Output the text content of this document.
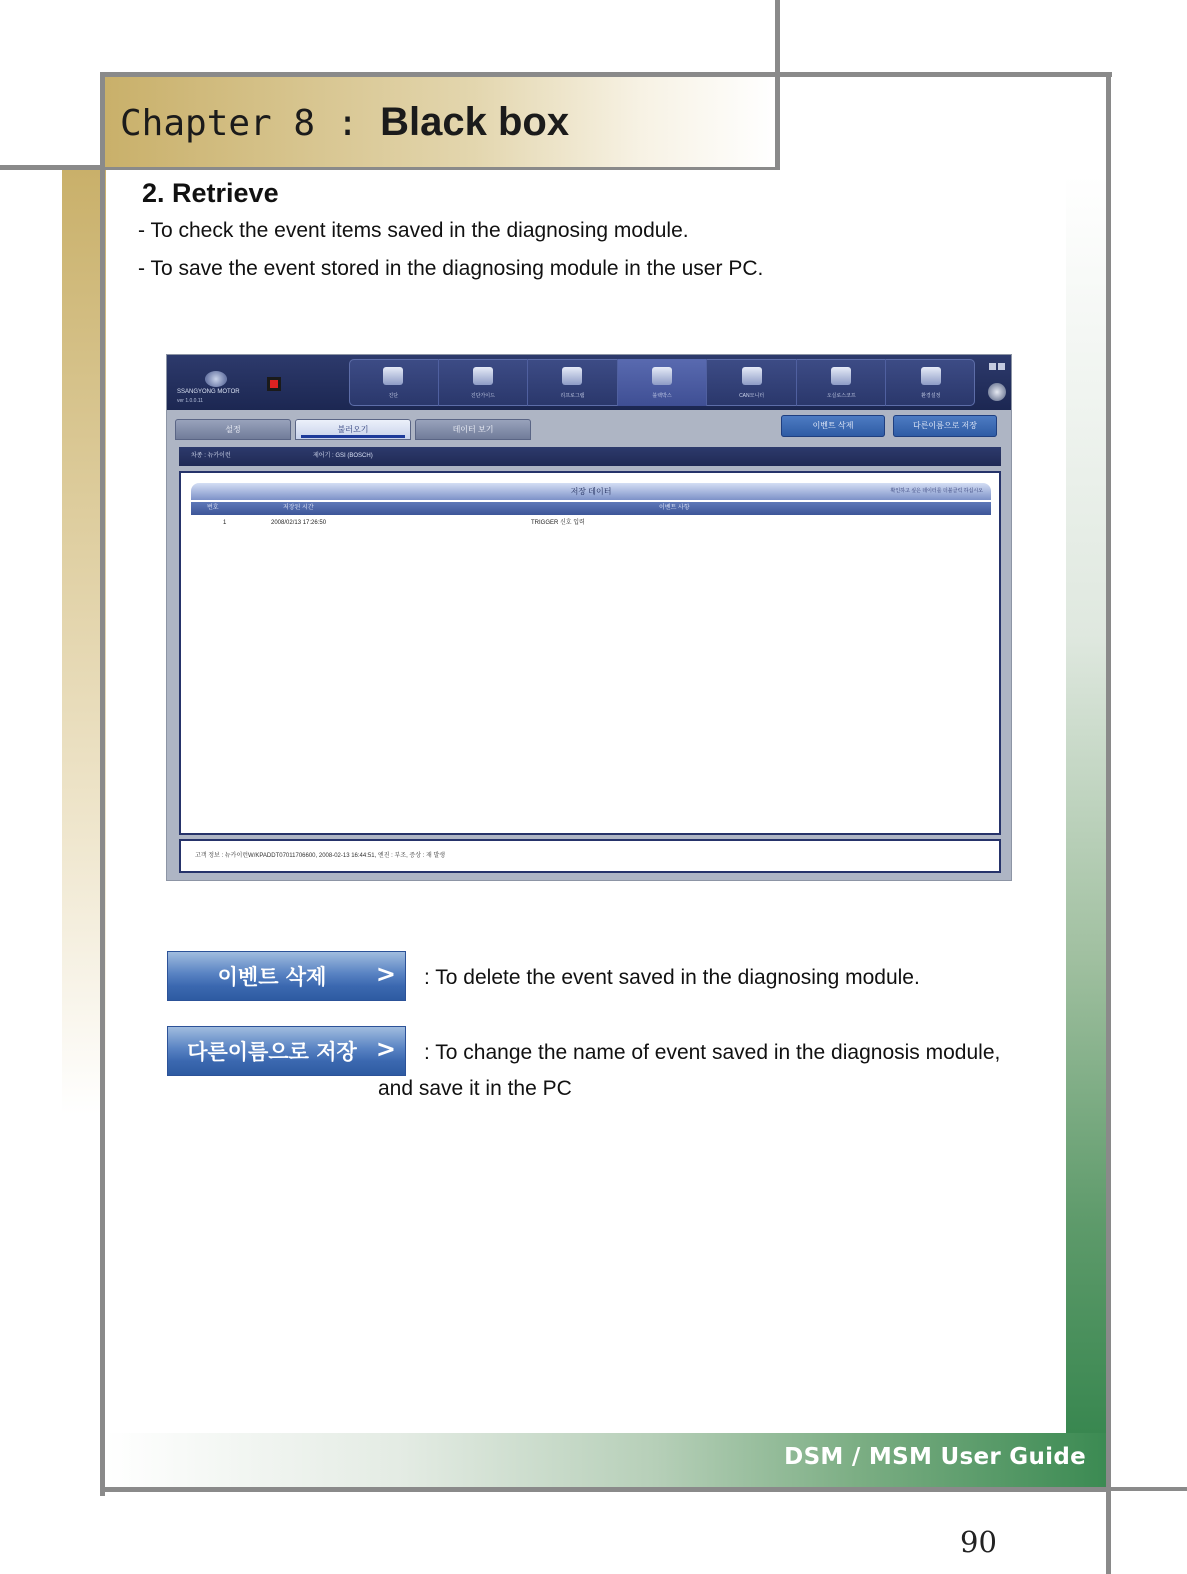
Chapter 8 : Black box
2. Retrieve
- To check the event items saved in the diagnosing module.
- To save the event stored in the diagnosing module in the user PC.
SSANGYONG MOTOR
ver 1.0.0.11
진단	진단가이드	리프로그램	블랙박스	CAN모니터	오실로스코프	환경설정
설정	불러오기	데이터 보기	이벤트 삭제	다른이름으로 저장
차종 : 뉴카이런	제어기 : GSI (BOSCH)
저장 데이터	확인하고 싶은 데이터를 더블클릭 하십시오
번호	저장된 시간	이벤트 사항
1	2008/02/13 17:26:50	TRIGGER 신호 입력
고객 정보 : 뉴카이런W/KPADDT07011706600, 2008-02-13 16:44:51, 엔진 : 부조, 증상 : 재 발생
이벤트 삭제	> : To delete the event saved in the diagnosing module.
다른이름으로 저장 > : To change the name of event saved in the diagnosis module,
and save it in the PC
DSM / MSM User Guide
90
